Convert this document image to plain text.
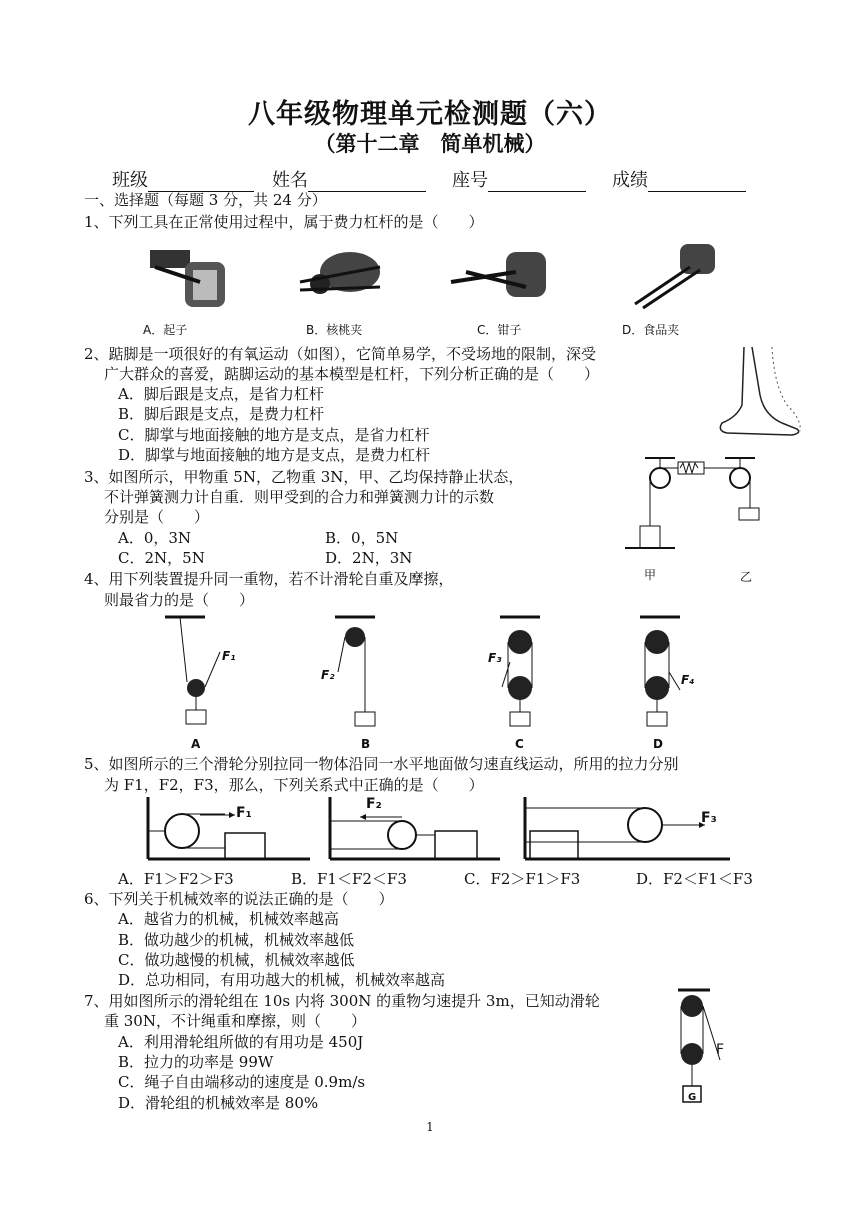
八年级物理单元检测题（六）
（第十二章　简单机械）
班级	姓名	座号	成绩
一、选择题（每题 3 分，共 24 分）
1、下列工具在正常使用过程中，属于费力杠杆的是（　　）
A．起子	B．核桃夹	C．钳子	D．食品夹
2、踮脚是一项很好的有氧运动（如图），它简单易学，不受场地的限制，深受
广大群众的喜爱，踮脚运动的基本模型是杠杆，下列分析正确的是（　　）
A．脚后跟是支点，是省力杠杆
B．脚后跟是支点，是费力杠杆
C．脚掌与地面接触的地方是支点，是省力杠杆
D．脚掌与地面接触的地方是支点，是费力杠杆
3、如图所示，甲物重 5N，乙物重 3N，甲、乙均保持静止状态，
不计弹簧测力计自重．则甲受到的合力和弹簧测力计的示数
分别是（　　）
A．0，3N	B．0，5N
C．2N，5N	D．2N，3N
甲	乙
4、用下列装置提升同一重物，若不计滑轮自重及摩擦，
则最省力的是（　　）
F₁
F₂
F₃
F₄
A	B	C	D
5、如图所示的三个滑轮分别拉同一物体沿同一水平地面做匀速直线运动，所用的拉力分别
为 F1，F2，F3，那么，下列关系式中正确的是（　　）
F₁
F₂
F₃
A．F1＞F2＞F3	B．F1＜F2＜F3	C．F2＞F1＞F3	D．F2＜F1＜F3
6、下列关于机械效率的说法正确的是（　　）
A．越省力的机械，机械效率越高
B．做功越少的机械，机械效率越低
C．做功越慢的机械，机械效率越低
D．总功相同，有用功越大的机械，机械效率越高
7、用如图所示的滑轮组在 10s 内将 300N 的重物匀速提升 3m，已知动滑轮
重 30N，不计绳重和摩擦，则（　　）
A．利用滑轮组所做的有用功是 450J
B．拉力的功率是 99W
C．绳子自由端移动的速度是 0.9m/s
D．滑轮组的机械效率是 80%
F
G
1
